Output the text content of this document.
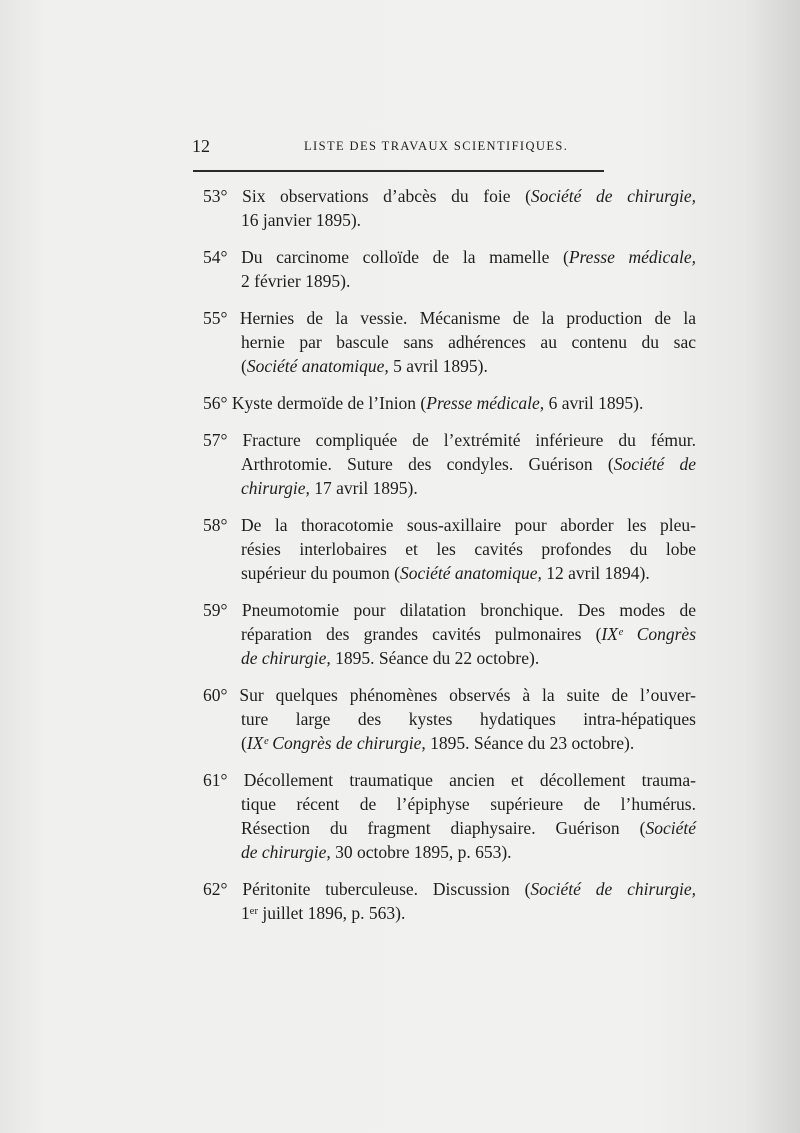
12	LISTE DES TRAVAUX SCIENTIFIQUES.
53° Six observations d’abcès du foie (Société de chirurgie,
16 janvier 1895).
54° Du carcinome colloïde de la mamelle (Presse médicale,
2 février 1895).
55° Hernies de la vessie. Mécanisme de la production de la
hernie par bascule sans adhérences au contenu du sac
(Société anatomique, 5 avril 1895).
56° Kyste dermoïde de l’Inion (Presse médicale, 6 avril 1895).
57° Fracture compliquée de l’extrémité inférieure du fémur.
Arthrotomie. Suture des condyles. Guérison (Société de
chirurgie, 17 avril 1895).
58° De la thoracotomie sous-axillaire pour aborder les pleu-
résies interlobaires et les cavités profondes du lobe
supérieur du poumon (Société anatomique, 12 avril 1894).
59° Pneumotomie pour dilatation bronchique. Des modes de
réparation des grandes cavités pulmonaires (IXᵉ Congrès
de chirurgie, 1895. Séance du 22 octobre).
60° Sur quelques phénomènes observés à la suite de l’ouver-
ture large des kystes hydatiques intra-hépatiques
(IXᵉ Congrès de chirurgie, 1895. Séance du 23 octobre).
61° Décollement traumatique ancien et décollement trauma-
tique récent de l’épiphyse supérieure de l’humérus.
Résection du fragment diaphysaire. Guérison (Société
de chirurgie, 30 octobre 1895, p. 653).
62° Péritonite tuberculeuse. Discussion (Société de chirurgie,
1ᵉʳ juillet 1896, p. 563).
